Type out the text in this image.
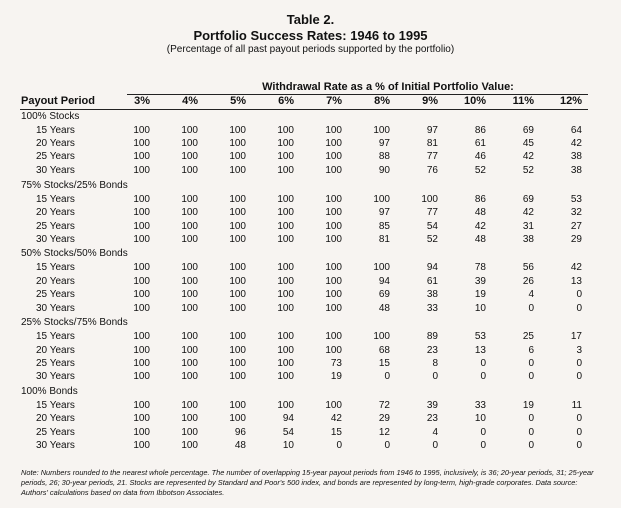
Table 2.
Portfolio Success Rates: 1946 to 1995
(Percentage of all past payout periods supported by the portfolio)
Withdrawal Rate as a % of Initial Portfolio Value:
Payout Period	3%	4%	5%	6%	7%	8%	9%	10%	11%	12%
100% Stocks
15 Years	100	100	100	100	100	100	97	86	69	64
20 Years	100	100	100	100	100	97	81	61	45	42
25 Years	100	100	100	100	100	88	77	46	42	38
30 Years	100	100	100	100	100	90	76	52	52	38
75% Stocks/25% Bonds
15 Years	100	100	100	100	100	100	100	86	69	53
20 Years	100	100	100	100	100	97	77	48	42	32
25 Years	100	100	100	100	100	85	54	42	31	27
30 Years	100	100	100	100	100	81	52	48	38	29
50% Stocks/50% Bonds
15 Years	100	100	100	100	100	100	94	78	56	42
20 Years	100	100	100	100	100	94	61	39	26	13
25 Years	100	100	100	100	100	69	38	19	4	0
30 Years	100	100	100	100	100	48	33	10	0	0
25% Stocks/75% Bonds
15 Years	100	100	100	100	100	100	89	53	25	17
20 Years	100	100	100	100	100	68	23	13	6	3
25 Years	100	100	100	100	73	15	8	0	0	0
30 Years	100	100	100	100	19	0	0	0	0	0
100% Bonds
15 Years	100	100	100	100	100	72	39	33	19	11
20 Years	100	100	100	94	42	29	23	10	0	0
25 Years	100	100	96	54	15	12	4	0	0	0
30 Years	100	100	48	10	0	0	0	0	0	0
Note: Numbers rounded to the nearest whole percentage. The number of overlapping 15-year payout periods from 1946 to 1995, inclusively, is 36; 20-year periods, 31; 25-year periods, 26; 30-year periods, 21. Stocks are represented by Standard and Poor's 500 index, and bonds are represented by long-term, high-grade corporates. Data source: Authors' calculations based on data from Ibbotson Associates.
